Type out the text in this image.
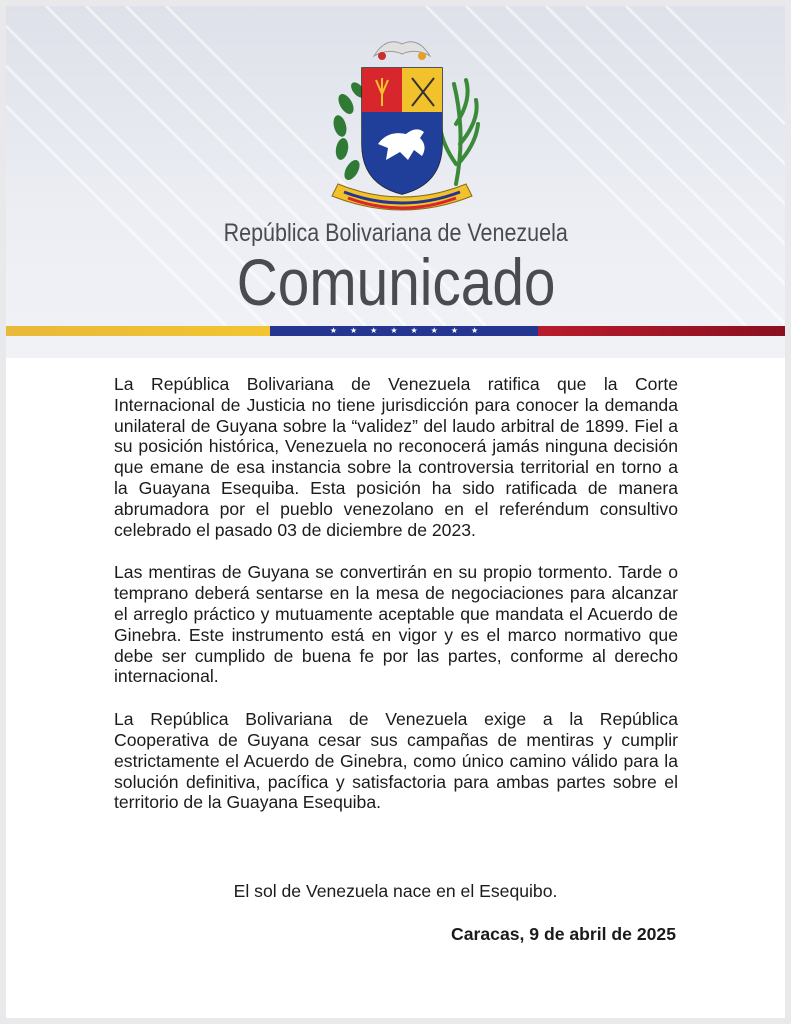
República Bolivariana de Venezuela
Comunicado
★ ★ ★ ★ ★ ★ ★ ★

La República Bolivariana de Venezuela ratifica que la Corte Internacional de Justicia no tiene jurisdicción para conocer la demanda unilateral de Guyana sobre la “validez” del laudo arbitral de 1899. Fiel a su posición histórica, Venezuela no reconocerá jamás ninguna decisión que emane de esa instancia sobre la controversia territorial en torno a la Guayana Esequiba. Esta posición ha sido ratificada de manera abrumadora por el pueblo venezolano en el referéndum consultivo celebrado el pasado 03 de diciembre de 2023.

Las mentiras de Guyana se convertirán en su propio tormento. Tarde o temprano deberá sentarse en la mesa de negociaciones para alcanzar el arreglo práctico y mutuamente aceptable que mandata el Acuerdo de Ginebra. Este instrumento está en vigor y es el marco normativo que debe ser cumplido de buena fe por las partes, conforme al derecho internacional.

La República Bolivariana de Venezuela exige a la República Cooperativa de Guyana cesar sus campañas de mentiras y cumplir estrictamente el Acuerdo de Ginebra, como único camino válido para la solución definitiva, pacífica y satisfactoria para ambas partes sobre el territorio de la Guayana Esequiba.

El sol de Venezuela nace en el Esequibo.
Caracas, 9 de abril de 2025
